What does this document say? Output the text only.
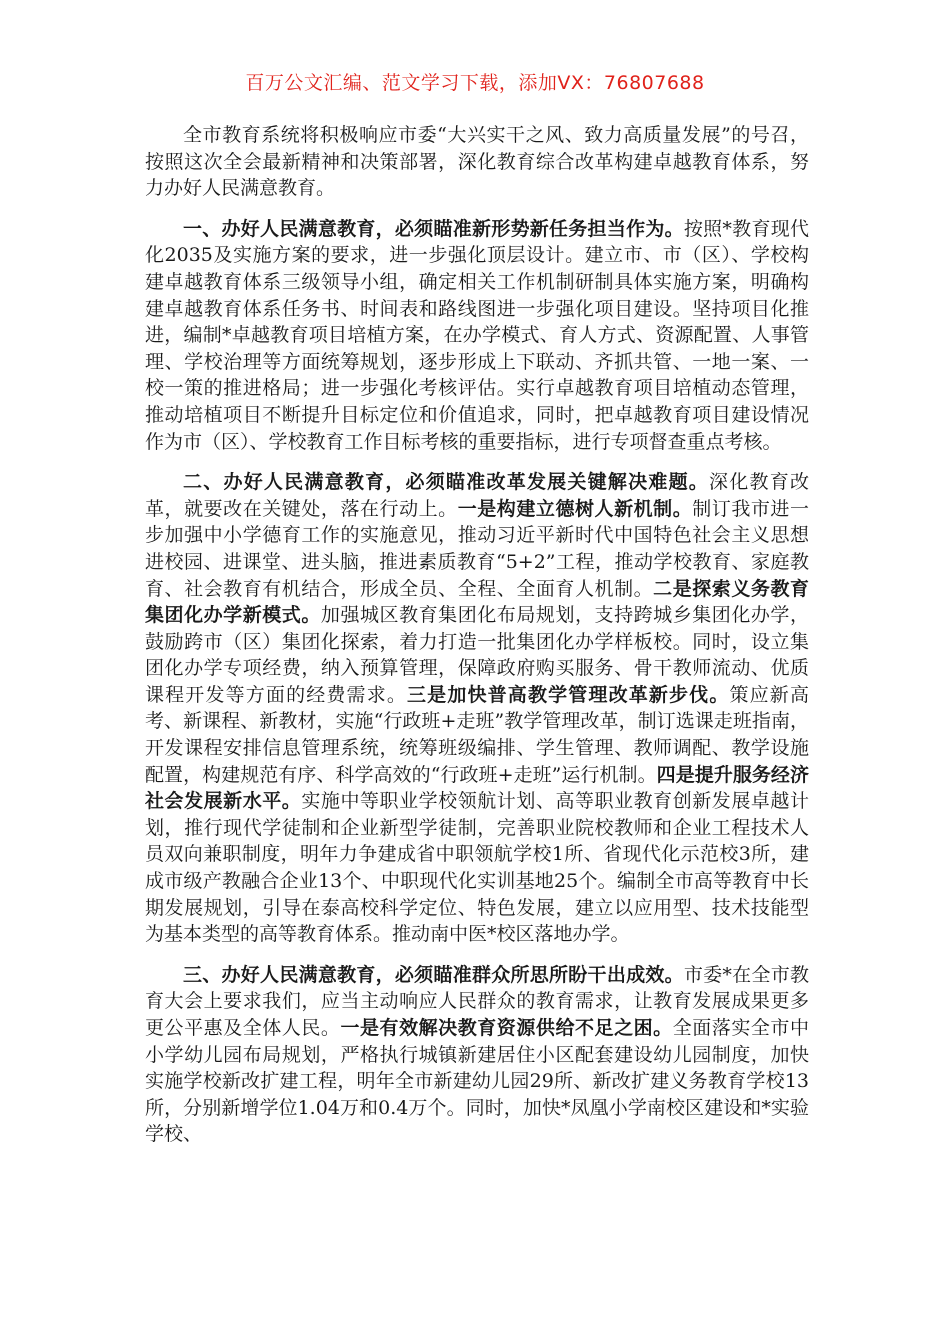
百万公文汇编、范文学习下载，添加VX：76807688

全市教育系统将积极响应市委“大兴实干之风、致力高质量发展”的号召，按照这次全会最新精神和决策部署，深化教育综合改革构建卓越教育体系，努力办好人民满意教育。

一、办好人民满意教育，必须瞄准新形势新任务担当作为。按照*教育现代化2035及实施方案的要求，进一步强化顶层设计。建立市、市（区）、学校构建卓越教育体系三级领导小组，确定相关工作机制研制具体实施方案，明确构建卓越教育体系任务书、时间表和路线图进一步强化项目建设。坚持项目化推进，编制*卓越教育项目培植方案，在办学模式、育人方式、资源配置、人事管理、学校治理等方面统筹规划，逐步形成上下联动、齐抓共管、一地一案、一校一策的推进格局；进一步强化考核评估。实行卓越教育项目培植动态管理，推动培植项目不断提升目标定位和价值追求，同时，把卓越教育项目建设情况作为市（区）、学校教育工作目标考核的重要指标，进行专项督查重点考核。

二、办好人民满意教育，必须瞄准改革发展关键解决难题。深化教育改革，就要改在关键处，落在行动上。一是构建立德树人新机制。制订我市进一步加强中小学德育工作的实施意见，推动习近平新时代中国特色社会主义思想进校园、进课堂、进头脑，推进素质教育“5+2”工程，推动学校教育、家庭教育、社会教育有机结合，形成全员、全程、全面育人机制。二是探索义务教育集团化办学新模式。加强城区教育集团化布局规划，支持跨城乡集团化办学，鼓励跨市（区）集团化探索，着力打造一批集团化办学样板校。同时，设立集团化办学专项经费，纳入预算管理，保障政府购买服务、骨干教师流动、优质课程开发等方面的经费需求。三是加快普高教学管理改革新步伐。策应新高考、新课程、新教材，实施“行政班+走班”教学管理改革，制订选课走班指南，开发课程安排信息管理系统，统筹班级编排、学生管理、教师调配、教学设施配置，构建规范有序、科学高效的“行政班+走班”运行机制。四是提升服务经济社会发展新水平。实施中等职业学校领航计划、高等职业教育创新发展卓越计划，推行现代学徒制和企业新型学徒制，完善职业院校教师和企业工程技术人员双向兼职制度，明年力争建成省中职领航学校1所、省现代化示范校3所，建成市级产教融合企业13个、中职现代化实训基地25个。编制全市高等教育中长期发展规划，引导在泰高校科学定位、特色发展，建立以应用型、技术技能型为基本类型的高等教育体系。推动南中医*校区落地办学。

三、办好人民满意教育，必须瞄准群众所思所盼干出成效。市委*在全市教育大会上要求我们，应当主动响应人民群众的教育需求，让教育发展成果更多更公平惠及全体人民。一是有效解决教育资源供给不足之困。全面落实全市中小学幼儿园布局规划，严格执行城镇新建居住小区配套建设幼儿园制度，加快实施学校新改扩建工程，明年全市新建幼儿园29所、新改扩建义务教育学校13所，分别新增学位1.04万和0.4万个。同时，加快*凤凰小学南校区建设和*实验学校、
